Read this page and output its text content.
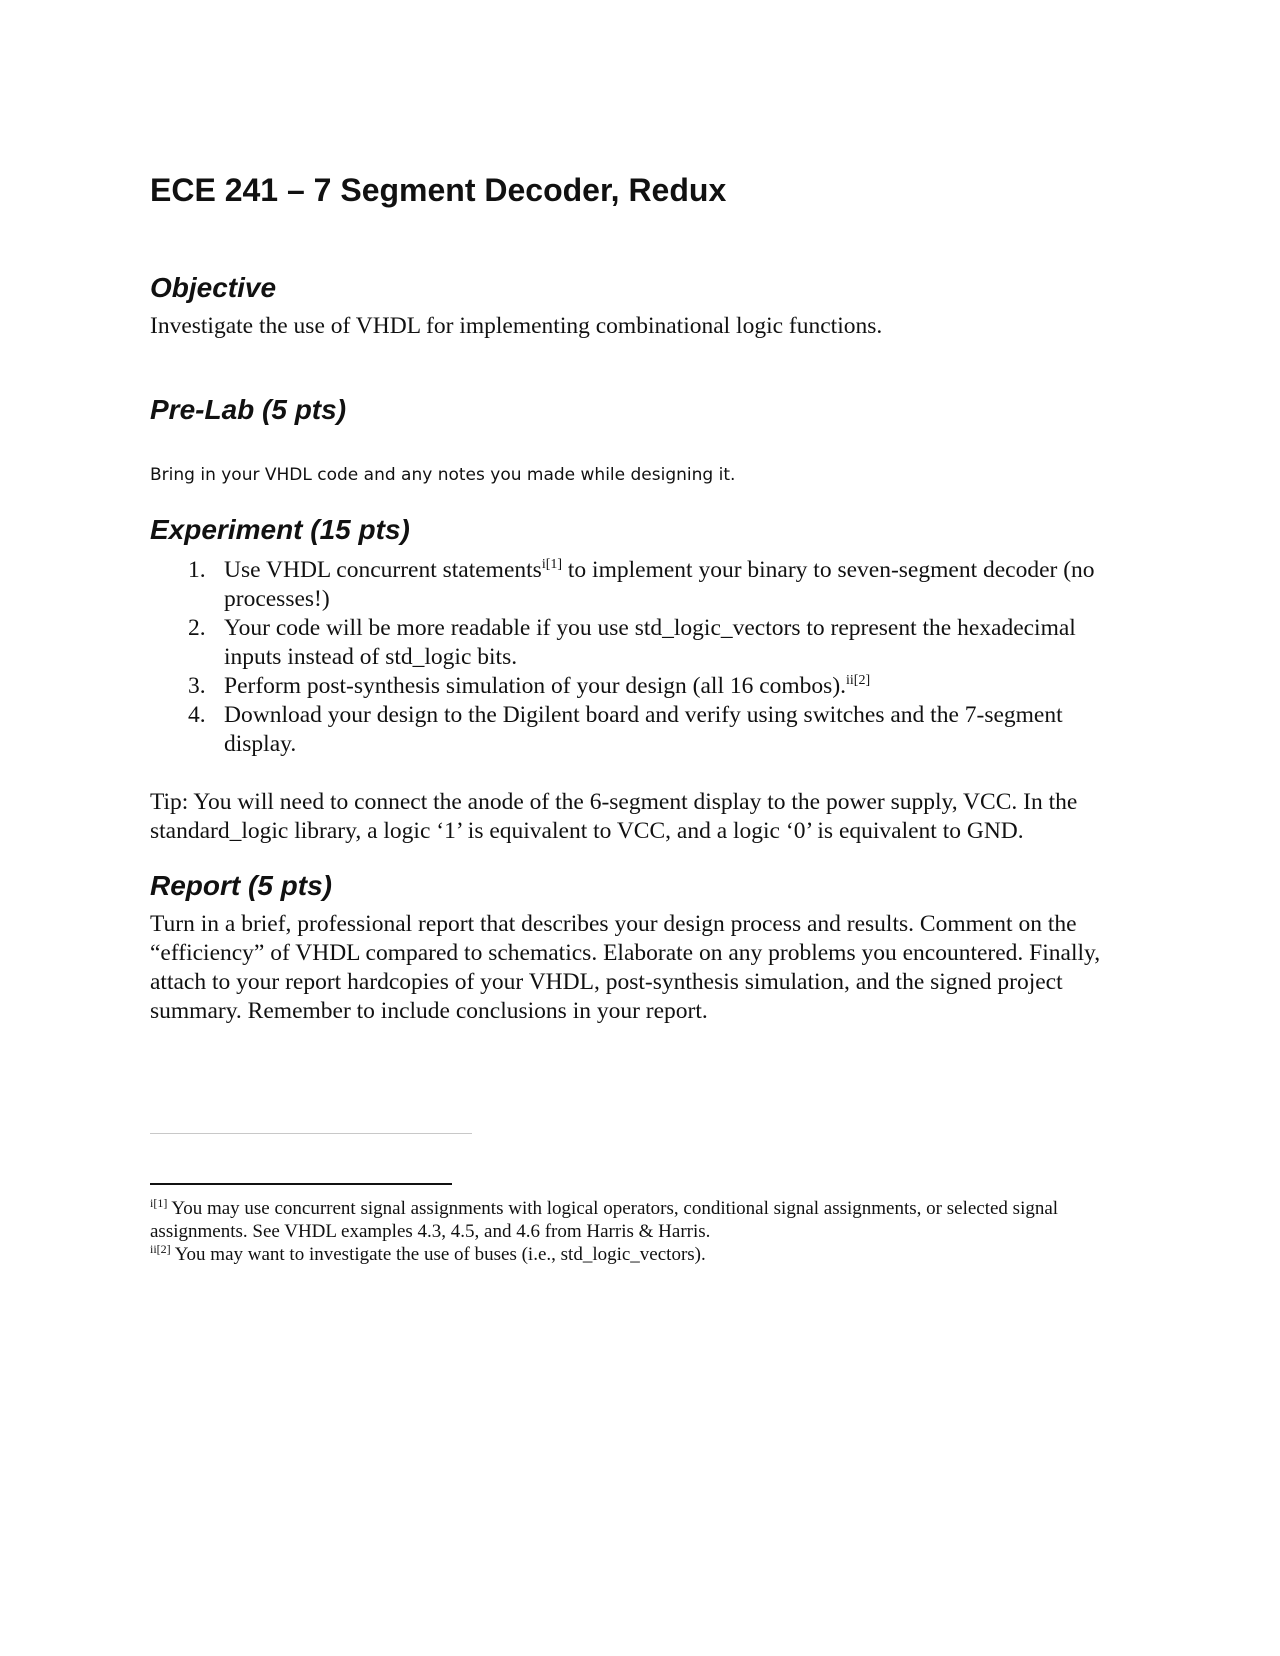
ECE 241 – 7 Segment Decoder, Redux
Objective

Investigate the use of VHDL for implementing combinational logic functions.

Pre-Lab (5 pts)

Bring in your VHDL code and any notes you made while designing it.

Experiment (15 pts)
1. Use VHDL concurrent statements$^{i[1]}$ to implement your binary to seven-segment decoder (no processes!)
2. Your code will be more readable if you use std_logic_vectors to represent the hexadecimal inputs instead of std_logic bits.
3. Perform post-synthesis simulation of your design (all 16 combos).$^{ii[2]}$
4. Download your design to the Digilent board and verify using switches and the 7-segment display.

Tip: You will need to connect the anode of the 6-segment display to the power supply, VCC. In the standard_logic library, a logic ‘1’ is equivalent to VCC, and a logic ‘0’ is equivalent to GND.

Report (5 pts)

Turn in a brief, professional report that describes your design process and results. Comment on the “efficiency” of VHDL compared to schematics. Elaborate on any problems you encountered. Finally, attach to your report hardcopies of your VHDL, post-synthesis simulation, and the signed project summary. Remember to include conclusions in your report.

$^{i[1]}$ You may use concurrent signal assignments with logical operators, conditional signal assignments, or selected signal assignments. See VHDL examples 4.3, 4.5, and 4.6 from Harris & Harris.
$^{ii[2]}$ You may want to investigate the use of buses (i.e., std_logic_vectors).
